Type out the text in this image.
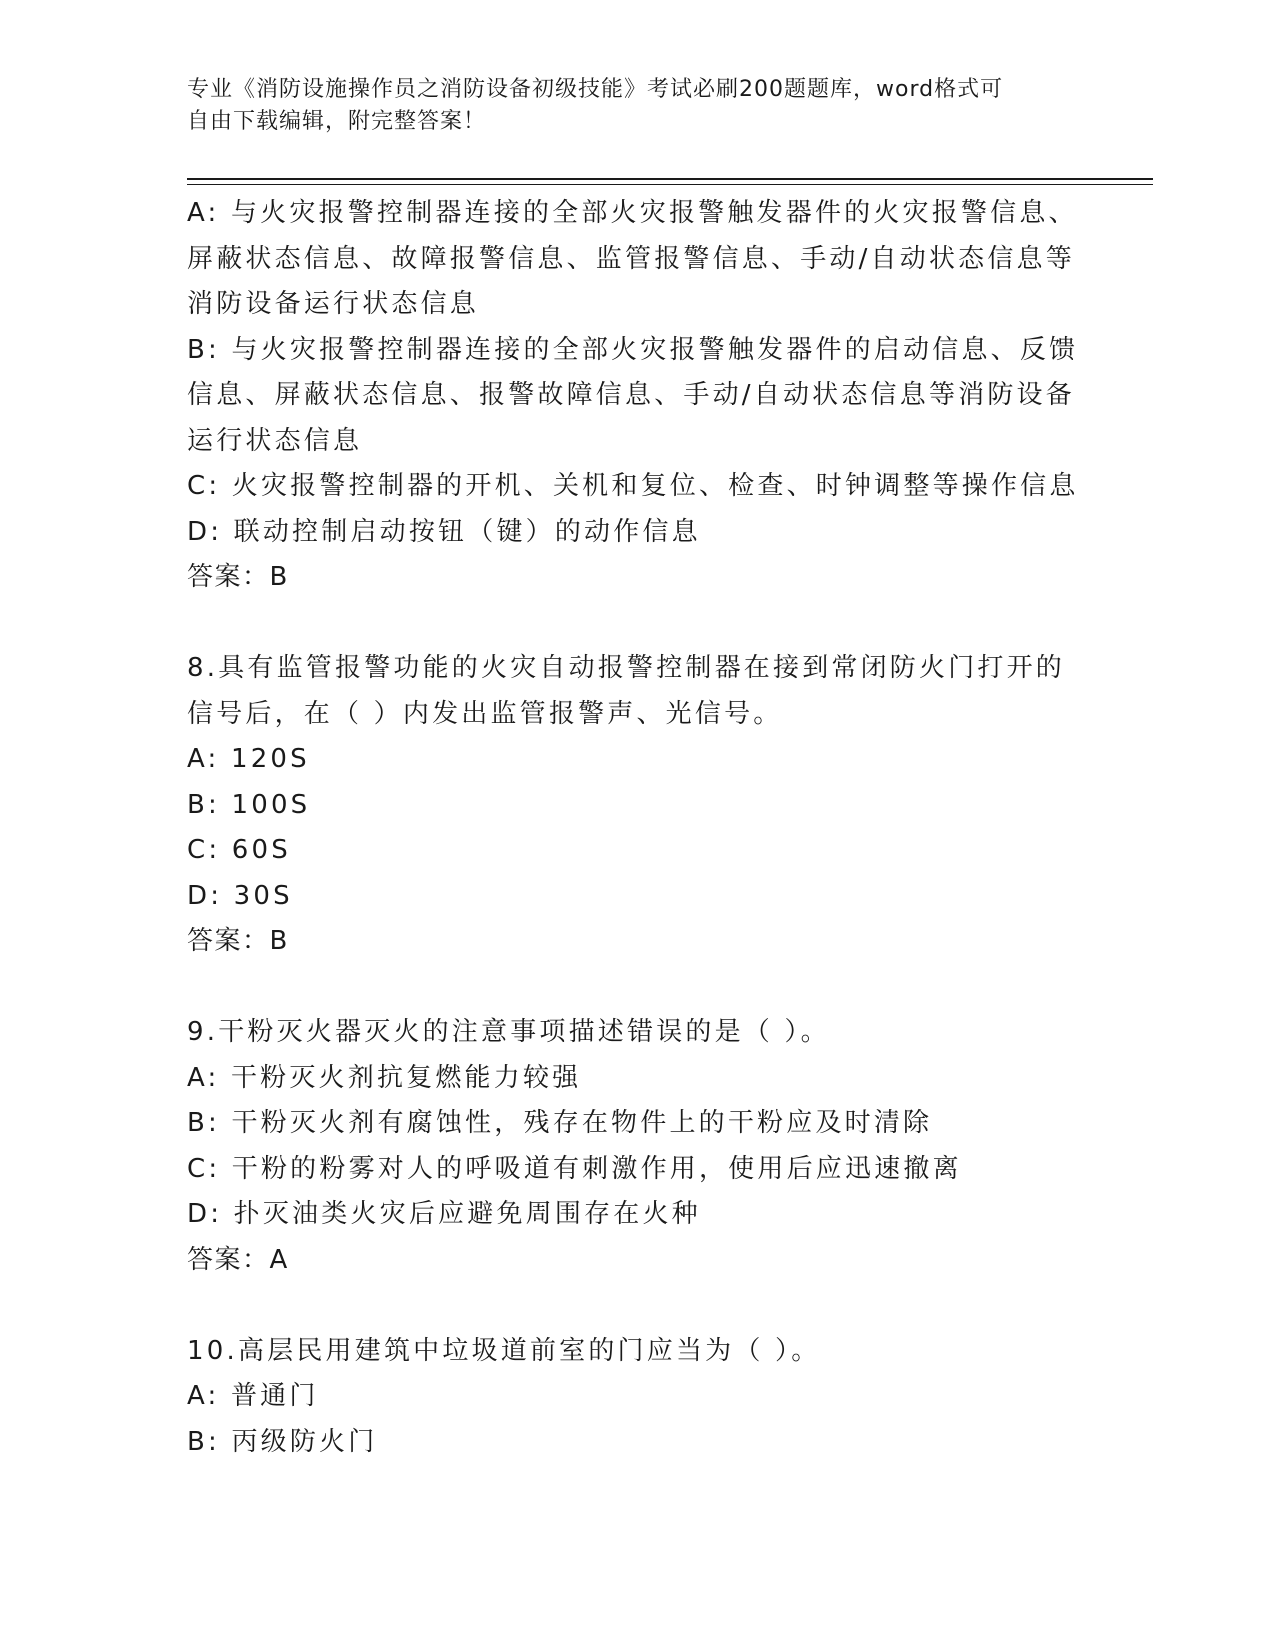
专业《消防设施操作员之消防设备初级技能》考试必刷200题题库，word格式可
自由下载编辑，附完整答案！
A: 与火灾报警控制器连接的全部火灾报警触发器件的火灾报警信息、
屏蔽状态信息、故障报警信息、监管报警信息、手动/自动状态信息等
消防设备运行状态信息
B: 与火灾报警控制器连接的全部火灾报警触发器件的启动信息、反馈
信息、屏蔽状态信息、报警故障信息、手动/自动状态信息等消防设备
运行状态信息
C: 火灾报警控制器的开机、关机和复位、检查、时钟调整等操作信息
D: 联动控制启动按钮（键）的动作信息
答案：B
8.具有监管报警功能的火灾自动报警控制器在接到常闭防火门打开的
信号后，在（ ）内发出监管报警声、光信号。
A: 120S
B: 100S
C: 60S
D: 30S
答案：B
9.干粉灭火器灭火的注意事项描述错误的是（ ）。
A: 干粉灭火剂抗复燃能力较强
B: 干粉灭火剂有腐蚀性，残存在物件上的干粉应及时清除
C: 干粉的粉雾对人的呼吸道有刺激作用，使用后应迅速撤离
D: 扑灭油类火灾后应避免周围存在火种
答案：A
10.高层民用建筑中垃圾道前室的门应当为（ ）。
A: 普通门
B: 丙级防火门
